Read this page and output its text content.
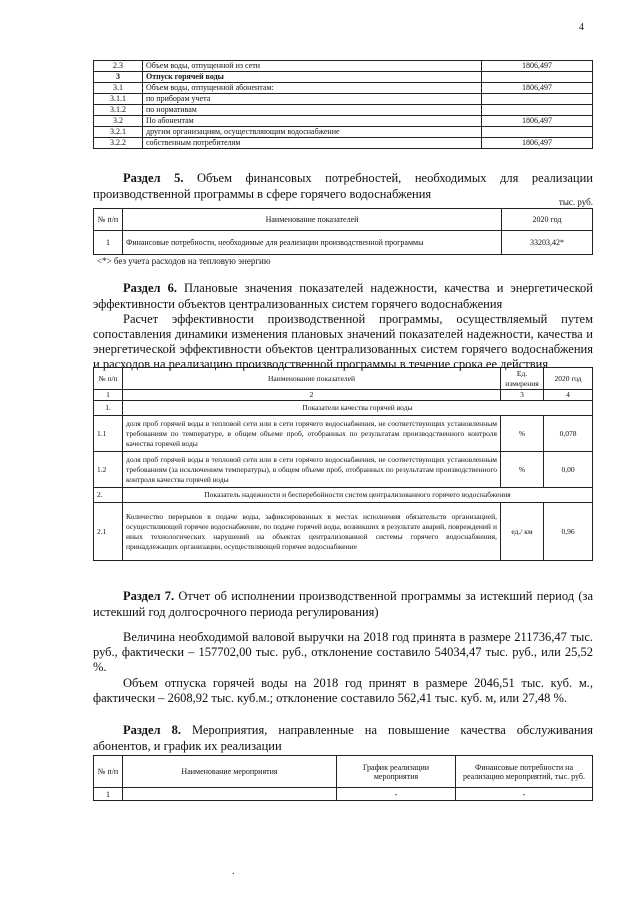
4
2.3	Объем воды, отпущенной из сети	1806,497
3	Отпуск горячей воды	
3.1	Объем воды, отпущенной абонентам:	1806,497
3.1.1	по приборам учета	
3.1.2	по нормативам	
3.2	По абонентам	1806,497
3.2.1	другим организациям, осуществляющим водоснабжение	
3.2.2	собственным потребителям	1806,497
Раздел 5. Объем финансовых потребностей, необходимых для реализации производственной программы в сфере горячего водоснабжения
тыс. руб.
№ п/п	Наименование показателей	2020 год
1	Финансовые потребности, необходимые для реализации производственной программы	33203,42*
<*> без учета расходов на тепловую энергию
Раздел 6. Плановые значения показателей надежности, качества и энергетической эффективности объектов централизованных систем горячего водоснабжения
Расчет эффективности производственной программы, осуществляемый путем сопоставления динамики изменения плановых значений показателей надежности, качества и энергетической эффективности объектов централизованных систем горячего водоснабжения и расходов на реализацию производственной программы в течение срока ее действия
№ п/п	Наименование показателей	Ед. измерения	2020 год
1	2	3	4
1.	Показатели качества горячей воды		
1.1	доля проб горячей воды в тепловой сети или в сети горячего водоснабжения, не соответствующих установленным требованиям по температуре, в общем объеме проб, отобранных по результатам производственного контроля качества горячей воды	%	0,078
1.2	доля проб горячей воды в тепловой сети или в сети горячего водоснабжения, не соответствующих установленным требованиям (за исключением температуры), в общем объеме проб, отобранных по результатам производственного контроля качества горячей воды	%	0,00
2.	Показатель надежности и бесперебойности систем централизованного горячего водоснабжения		
2.1	Количество перерывов в подаче воды, зафиксированных в местах исполнения обязательств организацией, осуществляющей горячее водоснабжение, по подаче горячей воды, возникших в результате аварий, повреждений и иных технологических нарушений на объектах централизованной системы горячего водоснабжения, принадлежащих организации, осуществляющей горячее водоснабжение	ед./ км	0,96
Раздел 7. Отчет об исполнении производственной программы за истекший период (за истекший год долгосрочного периода регулирования)
Величина необходимой валовой выручки на 2018 год принята в размере 211736,47 тыс. руб., фактически – 157702,00 тыс. руб., отклонение составило 54034,47 тыс. руб., или 25,52 %.
Объем отпуска горячей воды на 2018 год принят в размере 2046,51 тыс. куб. м., фактически – 2608,92 тыс. куб.м.; отклонение составило 562,41 тыс. куб. м, или 27,48 %.
Раздел 8. Мероприятия, направленные на повышение качества обслуживания абонентов, и график их реализации
№ п/п	Наименование мероприятия	График реализации мероприятия	Финансовые потребности на реализацию мероприятий, тыс. руб.
1		-	-
.
